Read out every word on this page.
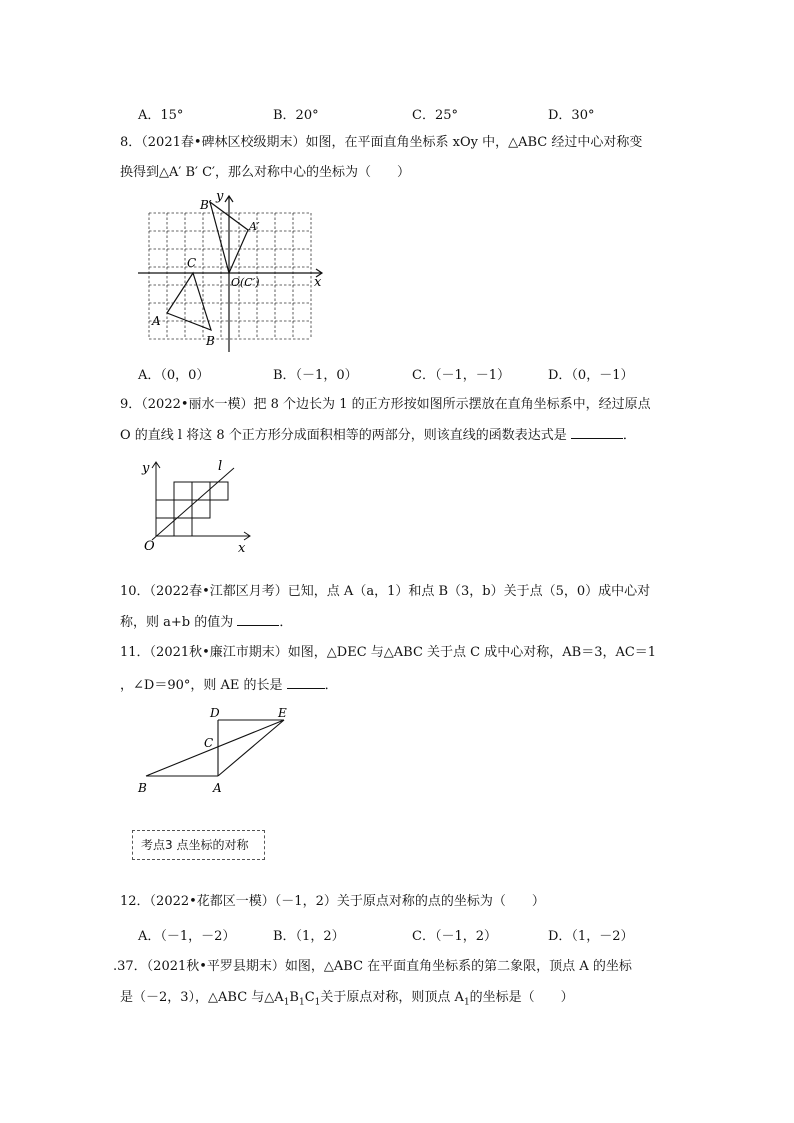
A．15°	B．20°	C．25°	D．30°
8．（2021春•碑林区校级期末）如图，在平面直角坐标系 xOy 中，△ABC 经过中心对称变
换得到△A′ B′ C′，那么对称中心的坐标为（　　）
x
y
A
B
C
A′
B′
O(C′)
A．（0，0）	B．（－1，0）	C．（－1，－1）	D．（0，－1）
9．（2022•丽水一模）把 8 个边长为 1 的正方形按如图所示摆放在直角坐标系中，经过原点
O 的直线 l 将这 8 个正方形分成面积相等的两部分，则该直线的函数表达式是	．
y
x
O
l
10．（2022春•江都区月考）已知，点 A（a，1）和点 B（3，b）关于点（5，0）成中心对
称，则 a+b 的值为	．
11．（2021秋•廉江市期末）如图，△DEC 与△ABC 关于点 C 成中心对称，AB＝3，AC＝1
，∠D＝90°，则 AE 的长是	．
D	E
C
B	A
考点3 点坐标的对称
12．（2022•花都区一模）（－1，2）关于原点对称的点的坐标为（　　）
A．（－1，－2）	B．（1，2）	C．（－1，2）	D．（1，－2）
.37．（2021秋•平罗县期末）如图，△ABC 在平面直角坐标系的第二象限，顶点 A 的坐标
是（－2，3），△ABC 与$\triangle A_1B_1C_1$关于原点对称，则顶点 $A_1$的坐标是（　　）
